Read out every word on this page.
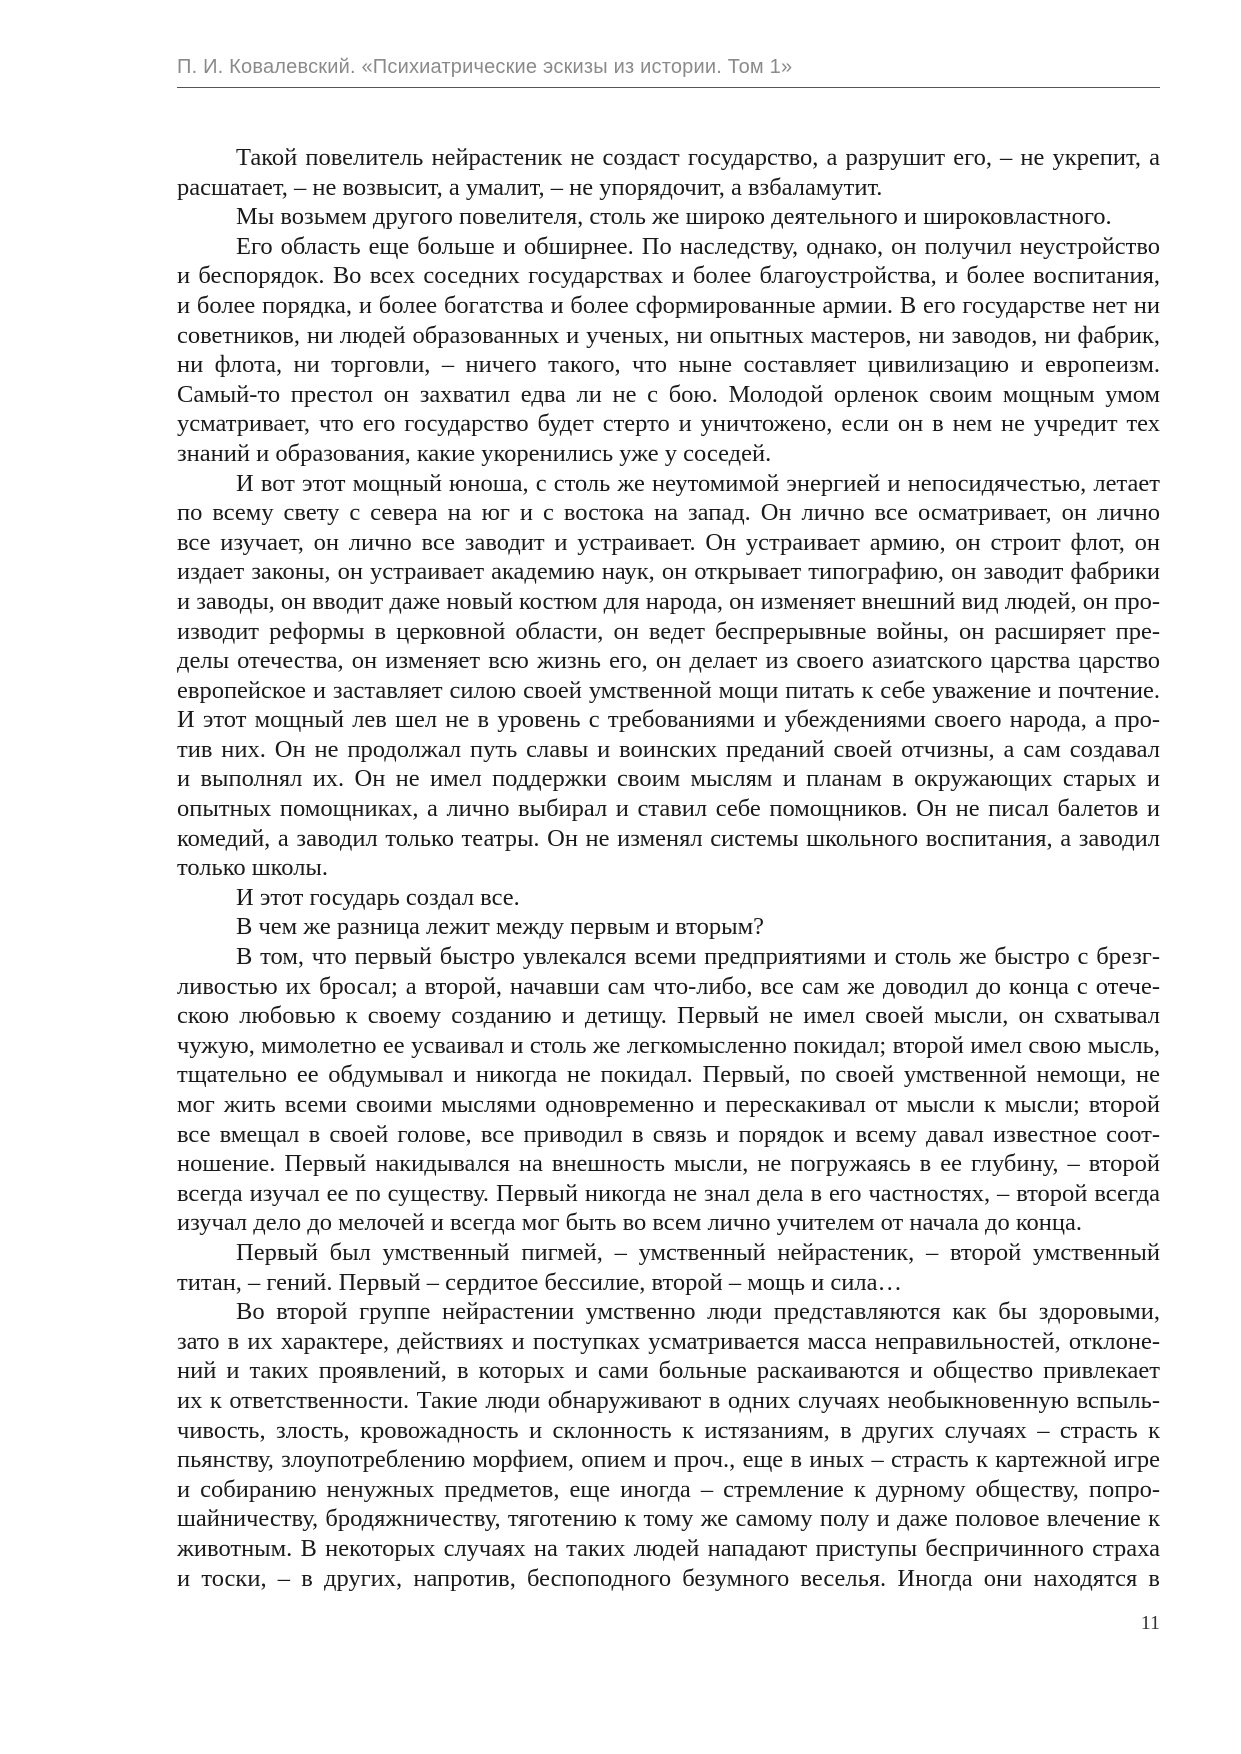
П. И. Ковалевский. «Психиатрические эскизы из истории. Том 1»
Такой повелитель нейрастеник не создаст государство, а разрушит его, – не укрепит, а
расшатает, – не возвысит, а умалит, – не упорядочит, а взбаламутит.
Мы возьмем другого повелителя, столь же широко деятельного и широковластного.
Его область еще больше и обширнее. По наследству, однако, он получил неустройство
и беспорядок. Во всех соседних государствах и более благоустройства, и более воспитания,
и более порядка, и более богатства и более сформированные армии. В его государстве нет ни
советников, ни людей образованных и ученых, ни опытных мастеров, ни заводов, ни фабрик,
ни флота, ни торговли, – ничего такого, что ныне составляет цивилизацию и европеизм.
Самый-то престол он захватил едва ли не с бою. Молодой орленок своим мощным умом
усматривает, что его государство будет стерто и уничтожено, если он в нем не учредит тех
знаний и образования, какие укоренились уже у соседей.
И вот этот мощный юноша, с столь же неутомимой энергией и непосидячестью, летает
по всему свету с севера на юг и с востока на запад. Он лично все осматривает, он лично
все изучает, он лично все заводит и устраивает. Он устраивает армию, он строит флот, он
издает законы, он устраивает академию наук, он открывает типографию, он заводит фабрики
и заводы, он вводит даже новый костюм для народа, он изменяет внешний вид людей, он про-
изводит реформы в церковной области, он ведет беспрерывные войны, он расширяет пре-
делы отечества, он изменяет всю жизнь его, он делает из своего азиатского царства царство
европейское и заставляет силою своей умственной мощи питать к себе уважение и почтение.
И этот мощный лев шел не в уровень с требованиями и убеждениями своего народа, а про-
тив них. Он не продолжал путь славы и воинских преданий своей отчизны, а сам создавал
и выполнял их. Он не имел поддержки своим мыслям и планам в окружающих старых и
опытных помощниках, а лично выбирал и ставил себе помощников. Он не писал балетов и
комедий, а заводил только театры. Он не изменял системы школьного воспитания, а заводил
только школы.
И этот государь создал все.
В чем же разница лежит между первым и вторым?
В том, что первый быстро увлекался всеми предприятиями и столь же быстро с брезг-
ливостью их бросал; а второй, начавши сам что-либо, все сам же доводил до конца с отече-
скою любовью к своему созданию и детищу. Первый не имел своей мысли, он схватывал
чужую, мимолетно ее усваивал и столь же легкомысленно покидал; второй имел свою мысль,
тщательно ее обдумывал и никогда не покидал. Первый, по своей умственной немощи, не
мог жить всеми своими мыслями одновременно и перескакивал от мысли к мысли; второй
все вмещал в своей голове, все приводил в связь и порядок и всему давал известное соот-
ношение. Первый накидывался на внешность мысли, не погружаясь в ее глубину, – второй
всегда изучал ее по существу. Первый никогда не знал дела в его частностях, – второй всегда
изучал дело до мелочей и всегда мог быть во всем лично учителем от начала до конца.
Первый был умственный пигмей, – умственный нейрастеник, – второй умственный
титан, – гений. Первый – сердитое бессилие, второй – мощь и сила…
Во второй группе нейрастении умственно люди представляются как бы здоровыми,
зато в их характере, действиях и поступках усматривается масса неправильностей, отклоне-
ний и таких проявлений, в которых и сами больные раскаиваются и общество привлекает
их к ответственности. Такие люди обнаруживают в одних случаях необыкновенную вспыль-
чивость, злость, кровожадность и склонность к истязаниям, в других случаях – страсть к
пьянству, злоупотреблению морфием, опием и проч., еще в иных – страсть к картежной игре
и собиранию ненужных предметов, еще иногда – стремление к дурному обществу, попро-
шайничеству, бродяжничеству, тяготению к тому же самому полу и даже половое влечение к
животным. В некоторых случаях на таких людей нападают приступы беспричинного страха
и тоски, – в других, напротив, беспоподного безумного веселья. Иногда они находятся в
11
